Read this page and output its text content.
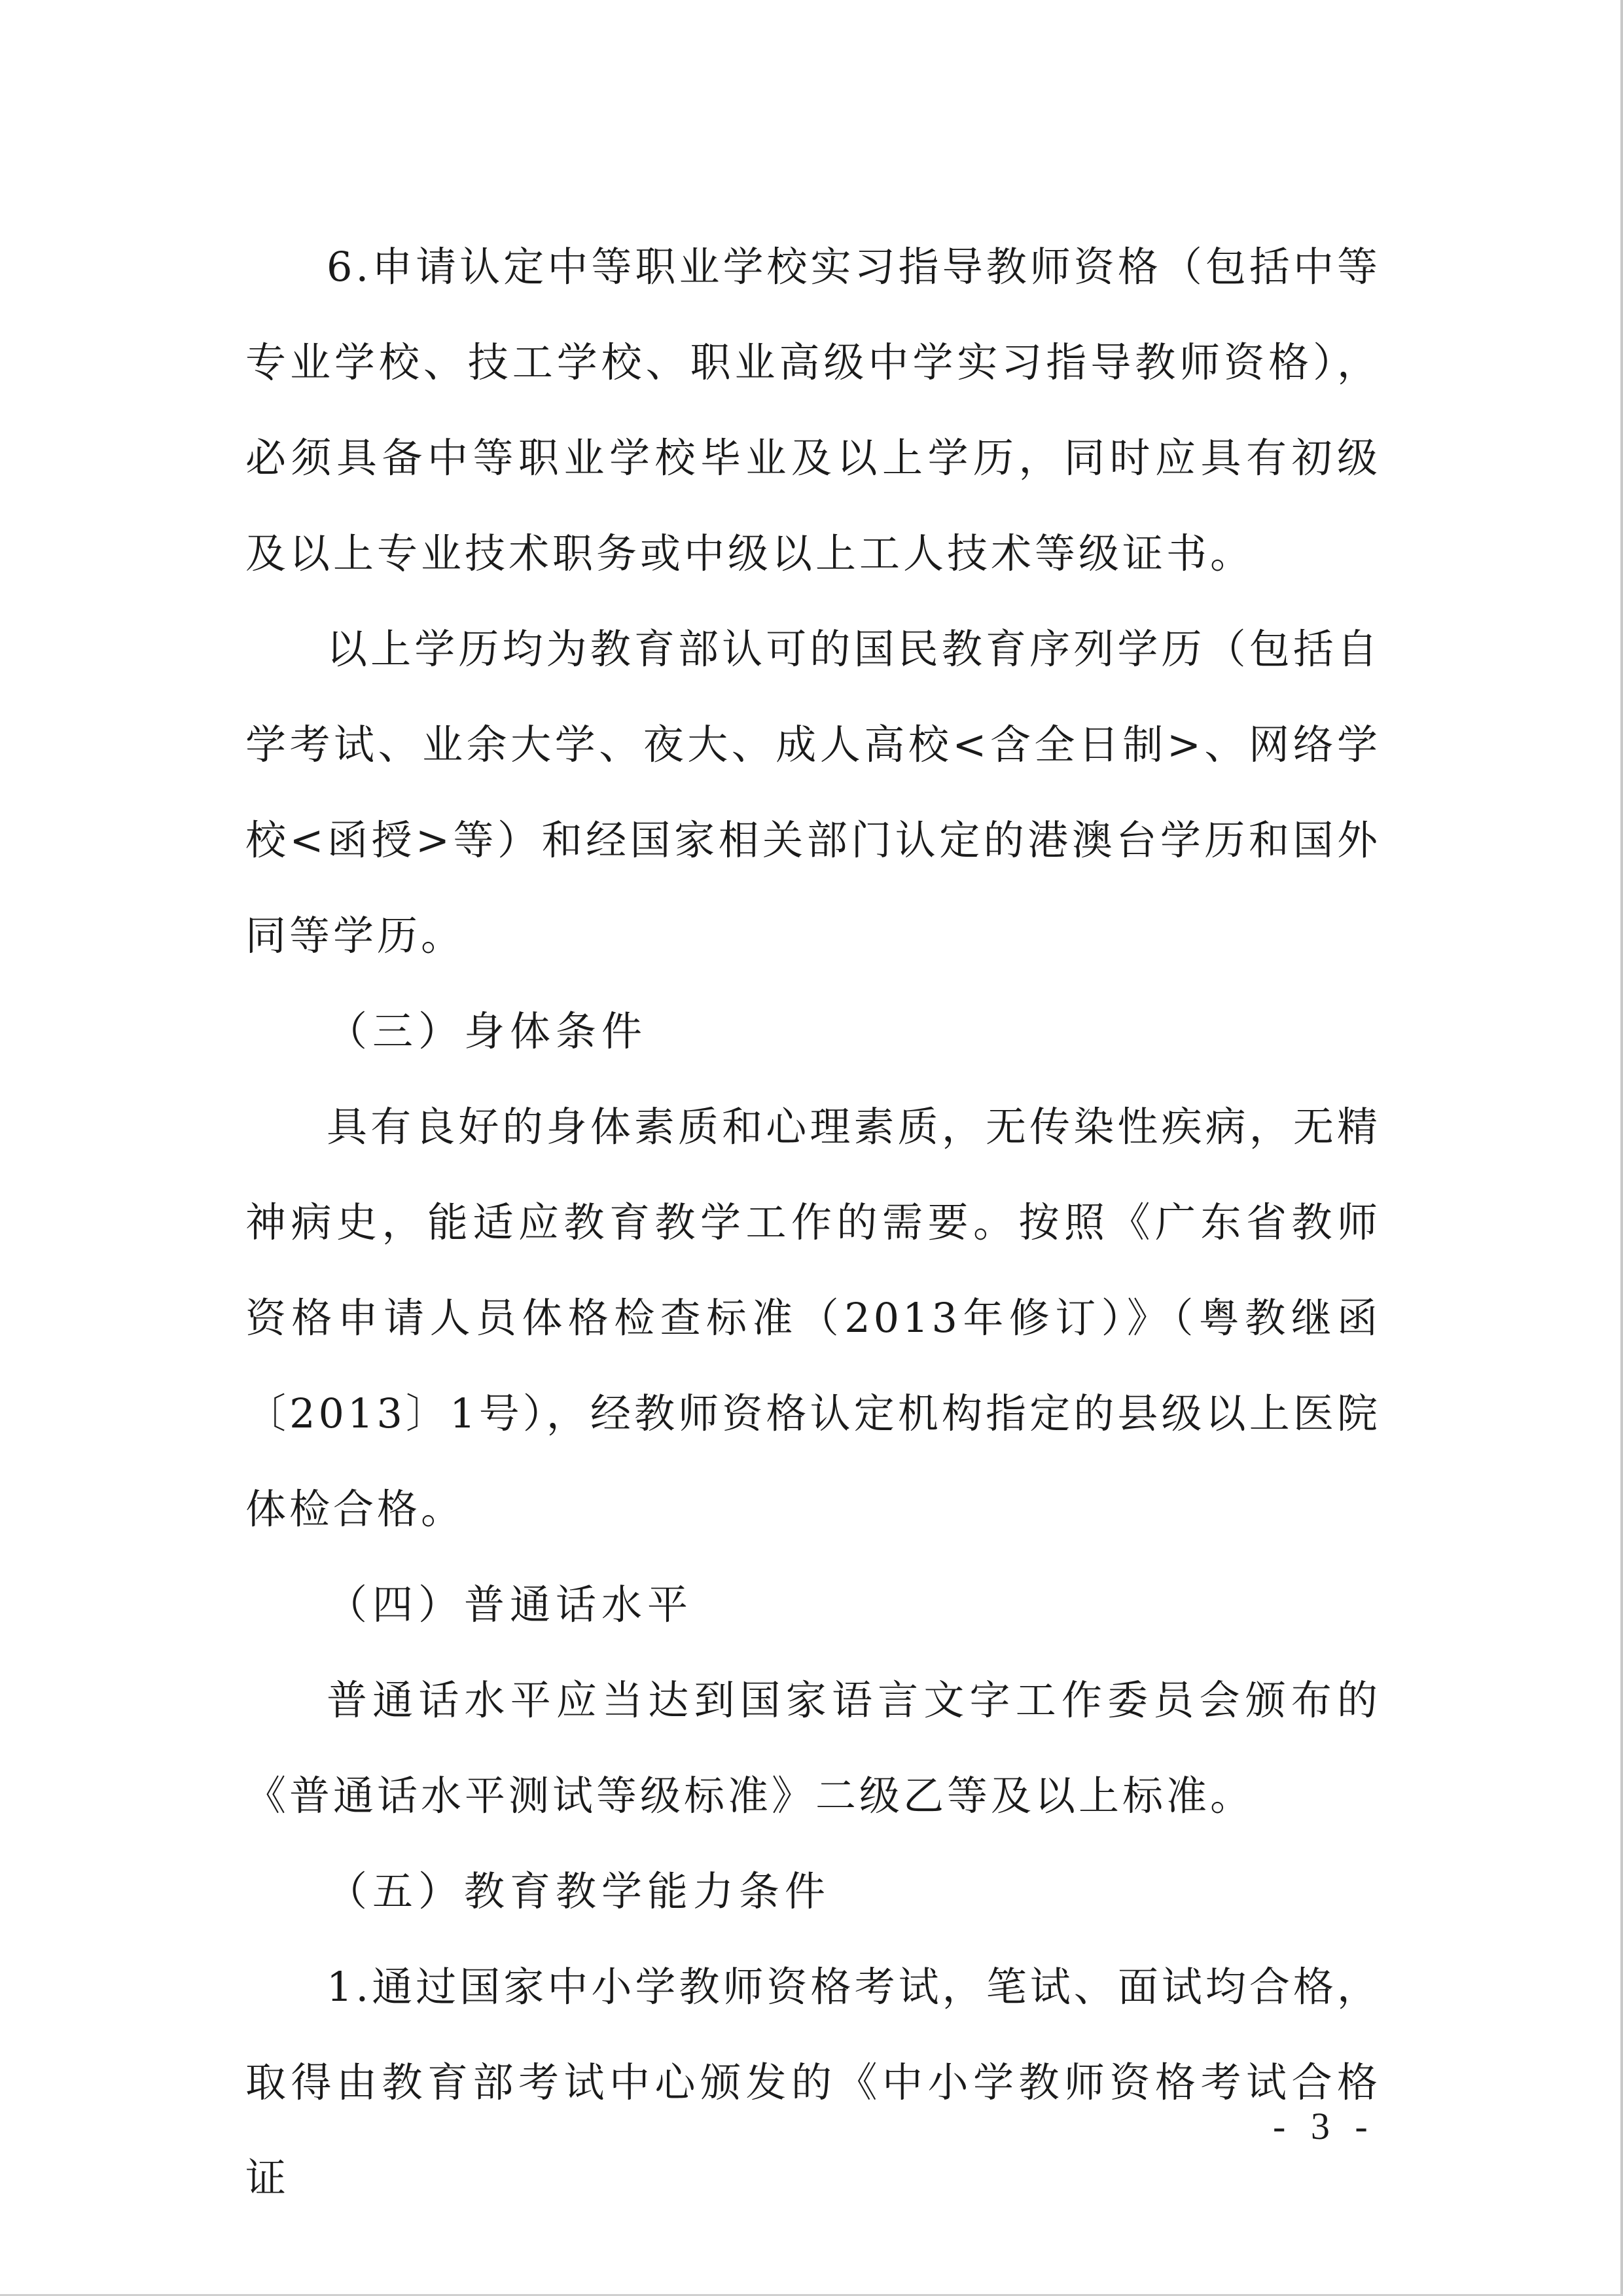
6.申请认定中等职业学校实习指导教师资格（包括中等专业学校、技工学校、职业高级中学实习指导教师资格），必须具备中等职业学校毕业及以上学历，同时应具有初级及以上专业技术职务或中级以上工人技术等级证书。

以上学历均为教育部认可的国民教育序列学历（包括自学考试、业余大学、夜大、成人高校<含全日制>、网络学校<函授>等）和经国家相关部门认定的港澳台学历和国外同等学历。

（三）身体条件

具有良好的身体素质和心理素质，无传染性疾病，无精神病史，能适应教育教学工作的需要。按照《广东省教师资格申请人员体格检查标准（2013年修订）》（粤教继函〔2013〕1号），经教师资格认定机构指定的县级以上医院体检合格。

（四）普通话水平

普通话水平应当达到国家语言文字工作委员会颁布的《普通话水平测试等级标准》二级乙等及以上标准。

（五）教育教学能力条件

1.通过国家中小学教师资格考试，笔试、面试均合格，取得由教育部考试中心颁发的《中小学教师资格考试合格证

- 3 -
